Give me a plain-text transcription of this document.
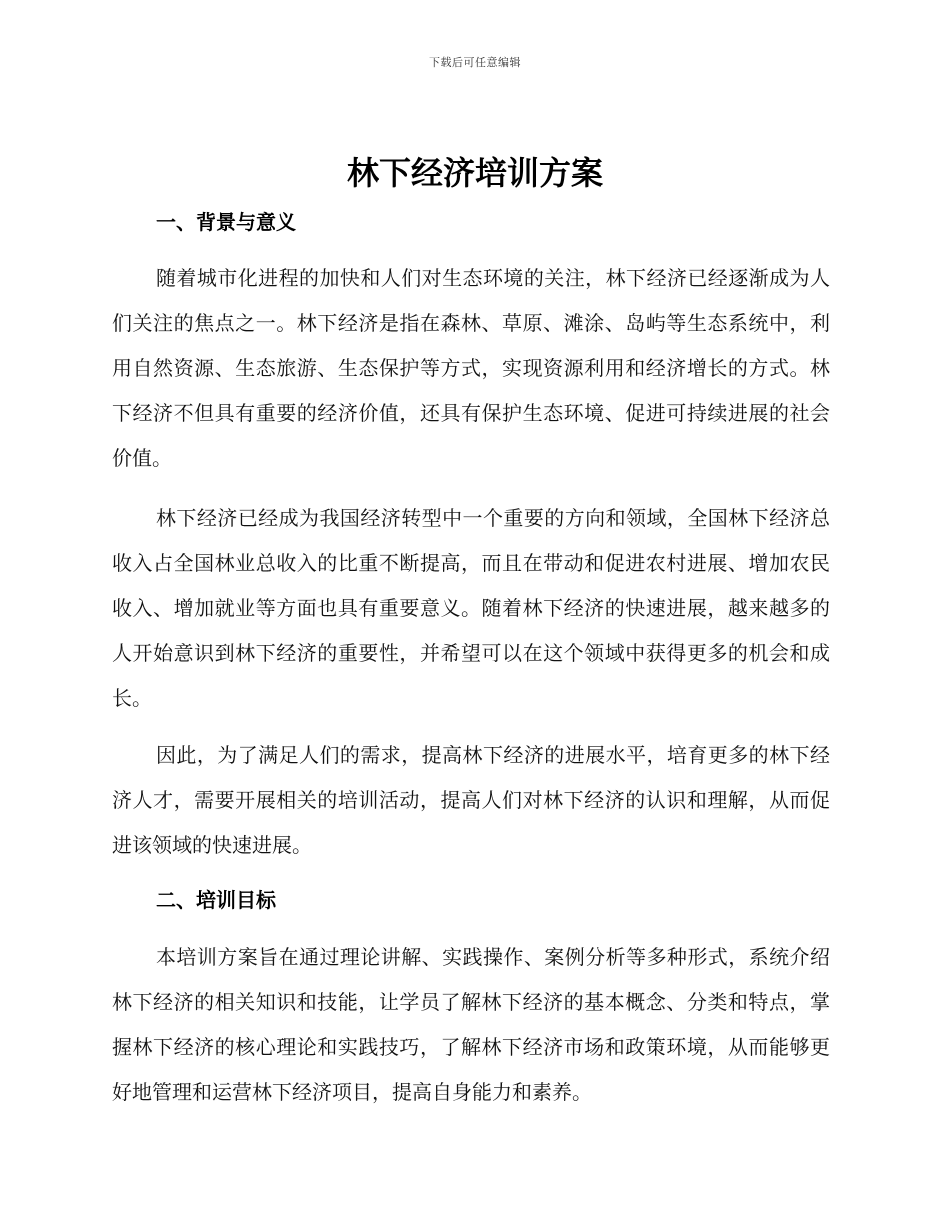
下载后可任意编辑
林下经济培训方案
一、背景与意义

随着城市化进程的加快和人们对生态环境的关注，林下经济已经逐渐成为人们关注的焦点之一。林下经济是指在森林、草原、滩涂、岛屿等生态系统中，利用自然资源、生态旅游、生态保护等方式，实现资源利用和经济增长的方式。林下经济不但具有重要的经济价值，还具有保护生态环境、促进可持续进展的社会价值。

林下经济已经成为我国经济转型中一个重要的方向和领域，全国林下经济总收入占全国林业总收入的比重不断提高，而且在带动和促进农村进展、增加农民收入、增加就业等方面也具有重要意义。随着林下经济的快速进展，越来越多的人开始意识到林下经济的重要性，并希望可以在这个领域中获得更多的机会和成长。

因此，为了满足人们的需求，提高林下经济的进展水平，培育更多的林下经济人才，需要开展相关的培训活动，提高人们对林下经济的认识和理解，从而促进该领域的快速进展。

二、培训目标

本培训方案旨在通过理论讲解、实践操作、案例分析等多种形式，系统介绍林下经济的相关知识和技能，让学员了解林下经济的基本概念、分类和特点，掌握林下经济的核心理论和实践技巧，了解林下经济市场和政策环境，从而能够更好地管理和运营林下经济项目，提高自身能力和素养。
